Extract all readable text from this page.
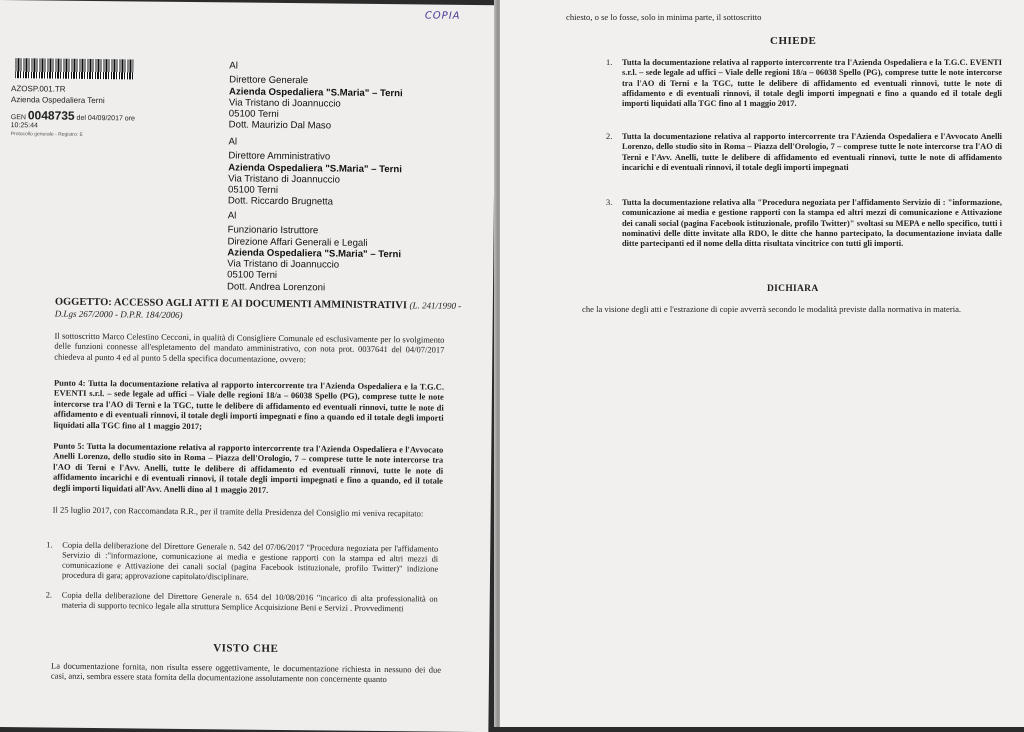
COPIA
AZOSP.001.TR
Azienda Ospedaliera Terni
GEN 0048735 del 04/09/2017 ore 10:25:44
Protocollo generale - Registro: E
Al
Direttore Generale
Azienda Ospedaliera "S.Maria" – Terni
Via Tristano di Joannuccio
05100 Terni
Dott. Maurizio Dal Maso
Al
Direttore Amministrativo
Azienda Ospedaliera "S.Maria" – Terni
Via Tristano di Joannuccio
05100 Terni
Dott. Riccardo Brugnetta
Al
Funzionario Istruttore
Direzione Affari Generali e Legali
Azienda Ospedaliera "S.Maria" – Terni
Via Tristano di Joannuccio
05100 Terni
Dott. Andrea Lorenzoni
OGGETTO: ACCESSO AGLI ATTI E AI DOCUMENTI AMMINISTRATIVI (L. 241/1990 -
D.Lgs 267/2000 - D.P.R. 184/2006)
Il sottoscritto Marco Celestino Cecconi, in qualità di Consigliere Comunale ed esclusivamente per lo svolgimento delle funzioni connesse all'espletamento del mandato amministrativo, con nota prot. 0037641 del 04/07/2017 chiedeva al punto 4 ed al punto 5 della specifica documentazione, ovvero:
Punto 4: Tutta la documentazione relativa al rapporto intercorrente tra l'Azienda Ospedaliera e la T.G.C. EVENTI s.r.l. – sede legale ad uffici – Viale delle regioni 18/a – 06038 Spello (PG), comprese tutte le note intercorse tra l'AO di Terni e la TGC, tutte le delibere di affidamento ed eventuali rinnovi, tutte le note di affidamento e di eventuali rinnovi, il totale degli importi impegnati e fino a quando ed il totale degli importi liquidati alla TGC fino al 1 maggio 2017;
Punto 5: Tutta la documentazione relativa al rapporto intercorrente tra l'Azienda Ospedaliera e l'Avvocato Anelli Lorenzo, dello studio sito in Roma – Piazza dell'Orologio, 7 – comprese tutte le note intercorse tra l'AO di Terni e l'Avv. Anelli, tutte le delibere di affidamento ed eventuali rinnovi, tutte le note di affidamento incarichi e di eventuali rinnovi, il totale degli importi impegnati e fino a quando, ed il totale degli importi liquidati all'Avv. Anelli dino al 1 maggio 2017.
Il 25 luglio 2017, con Raccomandata R.R., per il tramite della Presidenza del Consiglio mi veniva recapitato:
1. Copia della deliberazione del Direttore Generale n. 542 del 07/06/2017 "Procedura negoziata per l'affidamento Servizio di :"informazione, comunicazione ai media e gestione rapporti con la stampa ed altri mezzi di comunicazione e Attivazione dei canali social (pagina Facebook istituzionale, profilo Twitter)" indizione procedura di gara; approvazione capitolato/disciplinare.
2. Copia della deliberazione del Direttore Generale n. 654 del 10/08/2016 "incarico di alta professionalità on materia di supporto tecnico legale alla struttura Semplice Acquisizione Beni e Servizi . Provvedimenti
VISTO CHE
La documentazione fornita, non risulta essere oggettivamente, le documentazione richiesta in nessuno dei due casi, anzi, sembra essere stata fornita della documentazione assolutamente non concernente quanto
chiesto, o se lo fosse, solo in minima parte, il sottoscritto
CHIEDE
1. Tutta la documentazione relativa al rapporto intercorrente tra l'Azienda Ospedaliera e la T.G.C. EVENTI s.r.l. – sede legale ad uffici – Viale delle regioni 18/a – 06038 Spello (PG), comprese tutte le note intercorse tra l'AO di Terni e la TGC, tutte le delibere di affidamento ed eventuali rinnovi, tutte le note di affidamento e di eventuali rinnovi, il totale degli importi impegnati e fino a quando ed il totale degli importi liquidati alla TGC fino al 1 maggio 2017.
2. Tutta la documentazione relativa al rapporto intercorrente tra l'Azienda Ospedaliera e l'Avvocato Anelli Lorenzo, dello studio sito in Roma – Piazza dell'Orologio, 7 – comprese tutte le note intercorse tra l'AO di Terni e l'Avv. Anelli, tutte le delibere di affidamento ed eventuali rinnovi, tutte le note di affidamento incarichi e di eventuali rinnovi, il totale degli importi impegnati
3. Tutta la documentazione relativa alla "Procedura negoziata per l'affidamento Servizio di : "informazione, comunicazione ai media e gestione rapporti con la stampa ed altri mezzi di comunicazione e Attivazione dei canali social (pagina Facebook istituzionale, profilo Twitter)" svoltasi su MEPA e nello specifico, tutti i nominativi delle ditte invitate alla RDO, le ditte che hanno partecipato, la documentazione inviata dalle ditte partecipanti ed il nome della ditta risultata vincitrice con tutti gli importi.
DICHIARA
che la visione degli atti e l'estrazione di copie avverrà secondo le modalità previste dalla normativa in materia.
